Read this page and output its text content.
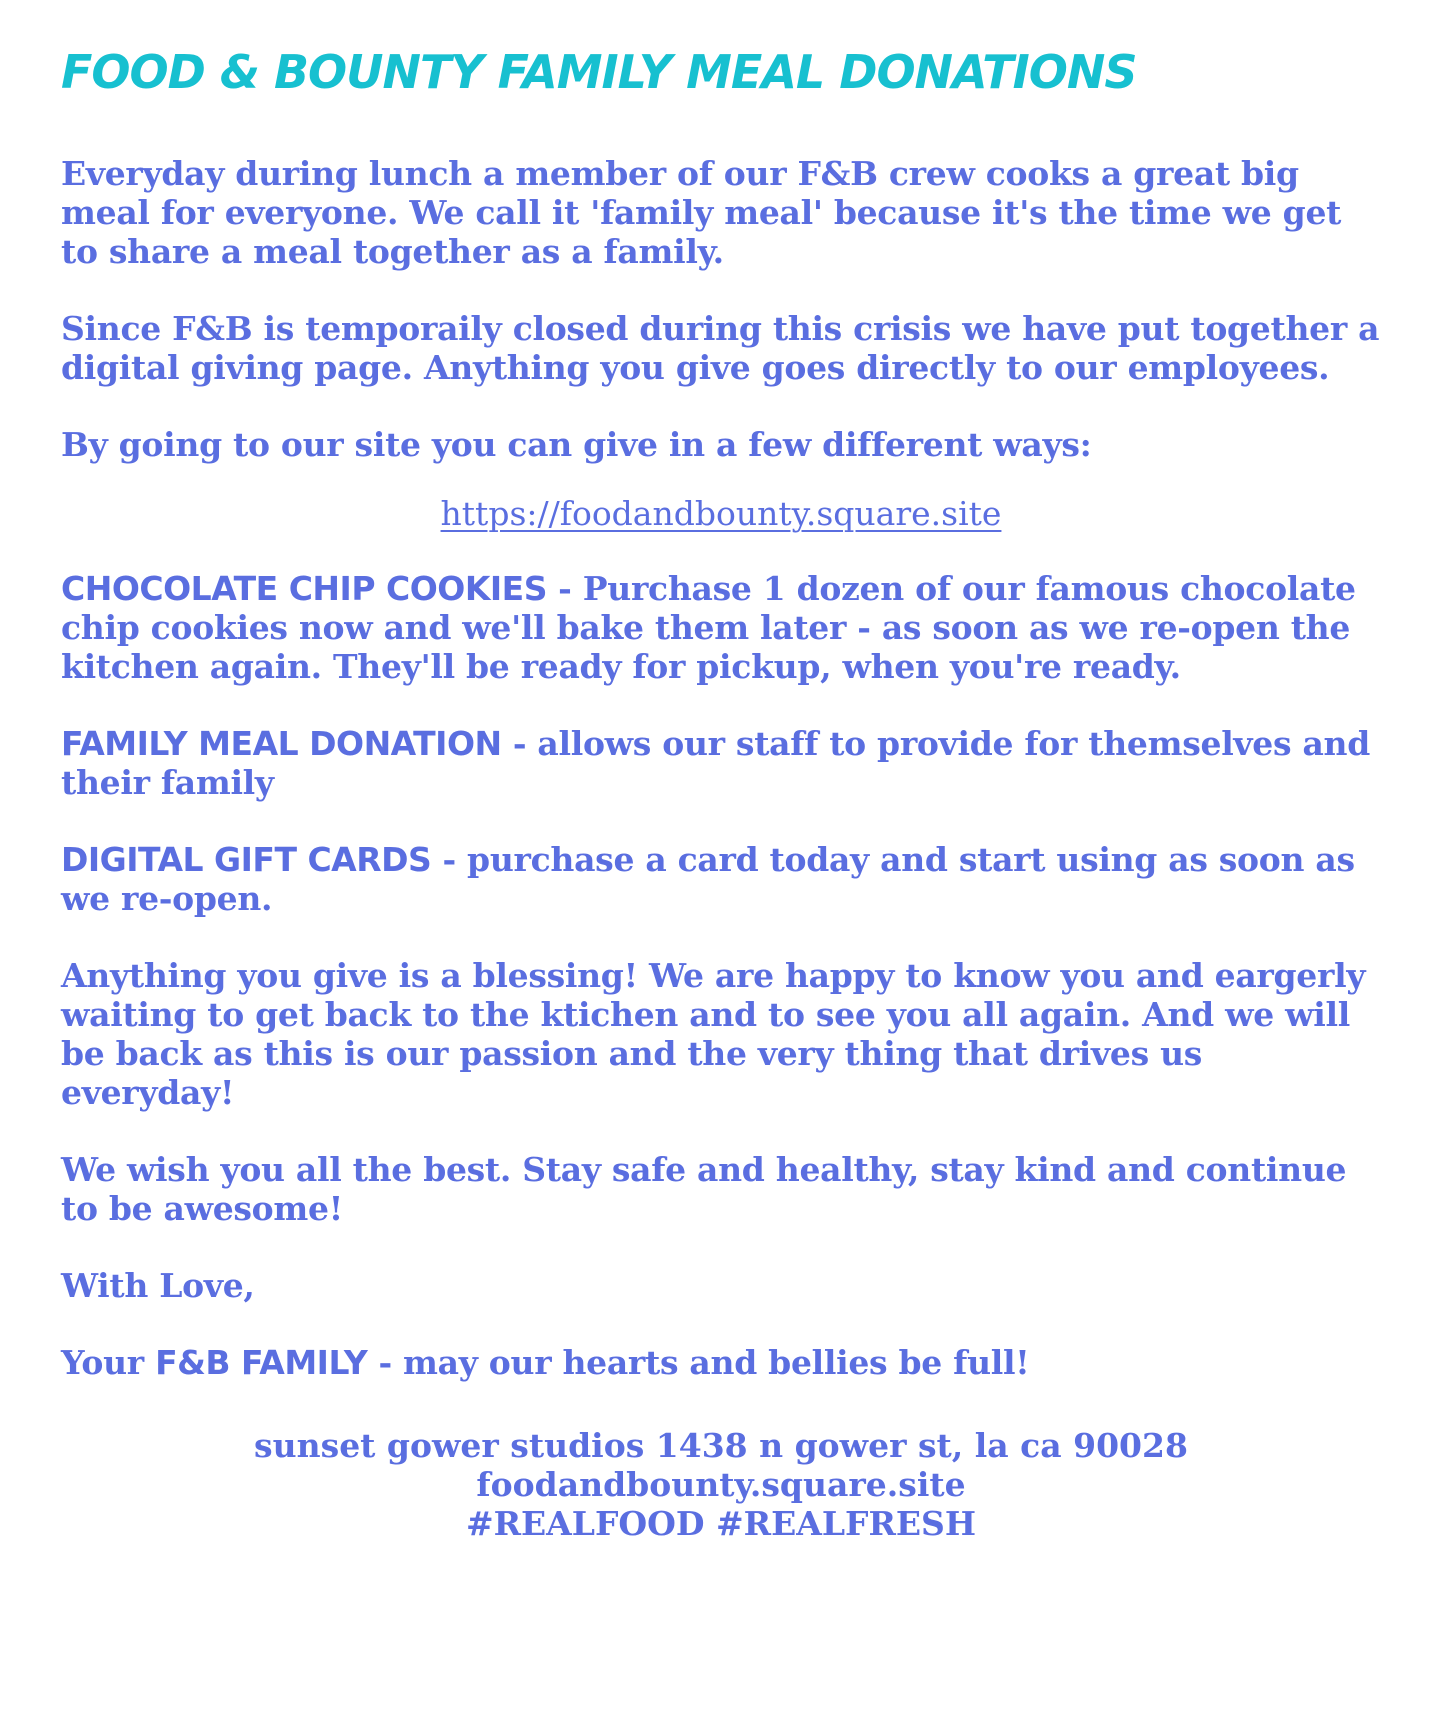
FOOD & BOUNTY FAMILY MEAL DONATIONS

Everyday during lunch a member of our F&B crew cooks a great big meal for everyone. We call it 'family meal' because it's the time we get to share a meal together as a family.

Since F&B is temporaily closed during this crisis we have put together a digital giving page. Anything you give goes directly to our employees.

By going to our site you can give in a few different ways:

https://foodandbounty.square.site

CHOCOLATE CHIP COOKIES - Purchase 1 dozen of our famous chocolate chip cookies now and we'll bake them later - as soon as we re-open the kitchen again. They'll be ready for pickup, when you're ready.

FAMILY MEAL DONATION - allows our staff to provide for themselves and their family

DIGITAL GIFT CARDS - purchase a card today and start using as soon as we re-open.

Anything you give is a blessing! We are happy to know you and eargerly waiting to get back to the ktichen and to see you all again. And we will be back as this is our passion and the very thing that drives us everyday!

We wish you all the best. Stay safe and healthy, stay kind and continue to be awesome!

With Love,

Your F&B FAMILY - may our hearts and bellies be full!

sunset gower studios 1438 n gower st, la ca 90028
foodandbounty.square.site
#REALFOOD #REALFRESH
